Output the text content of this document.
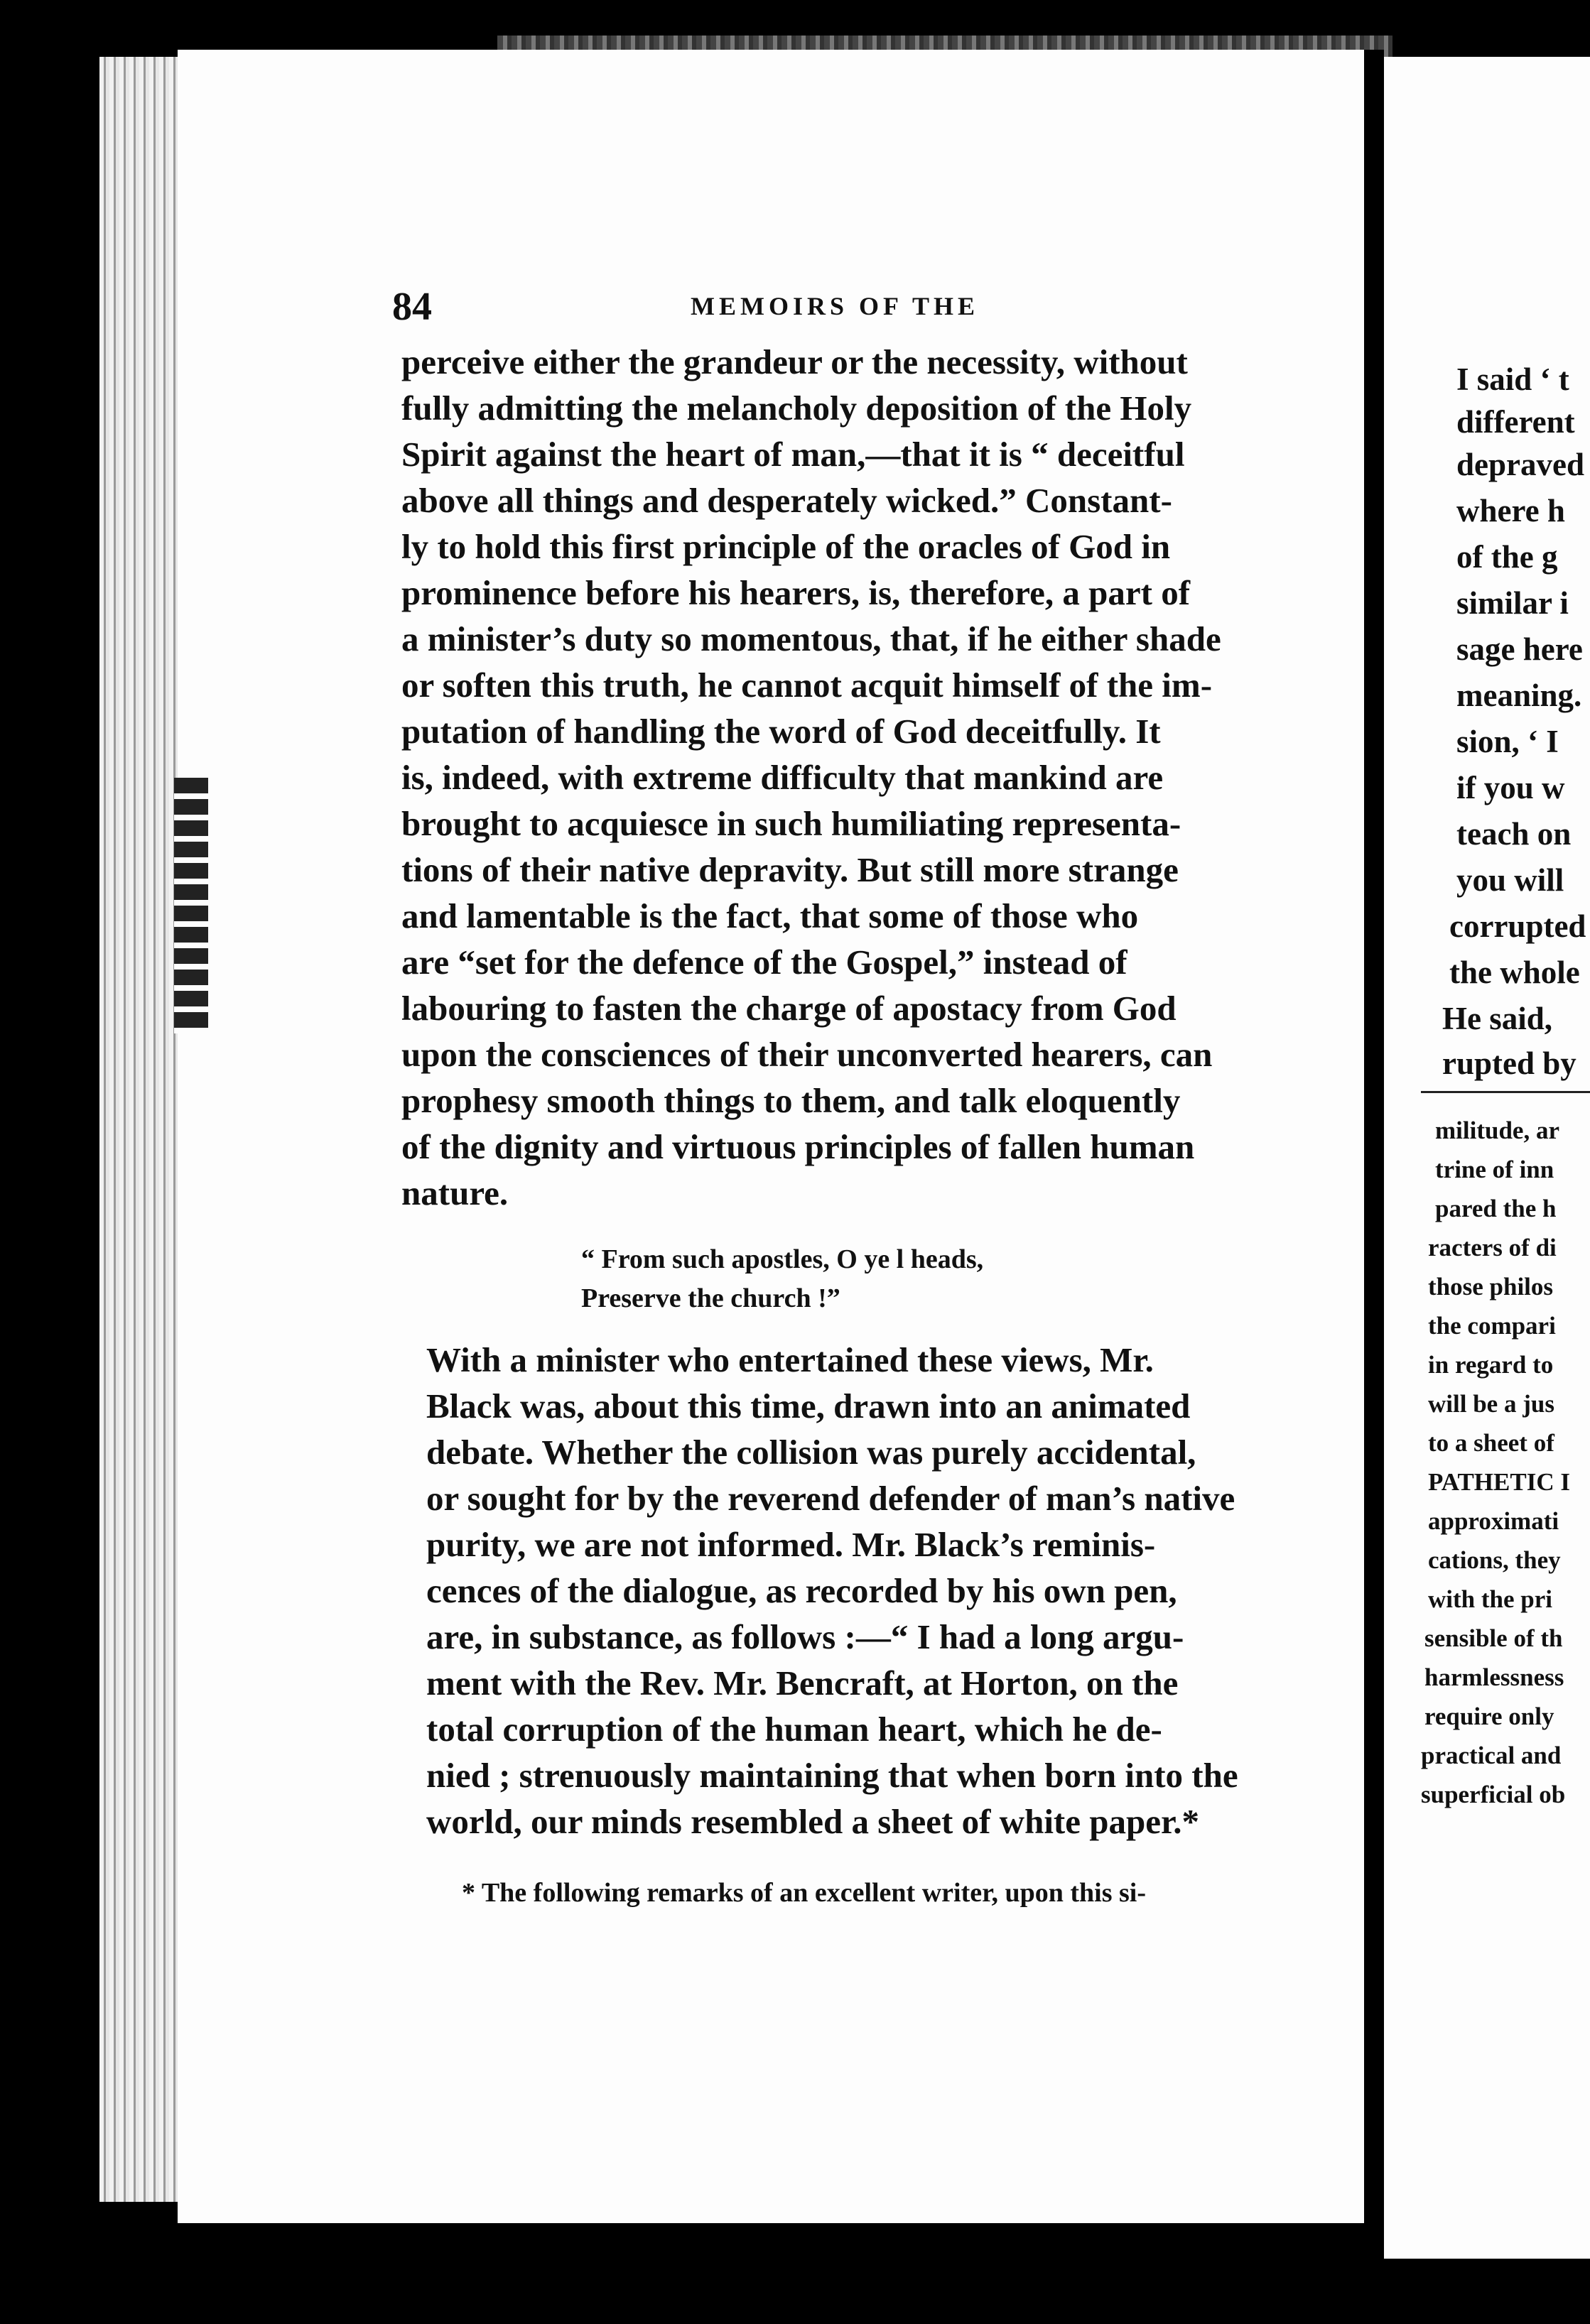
84	MEMOIRS OF THE
perceive either the grandeur or the necessity, without
fully admitting the melancholy deposition of the Holy
Spirit against the heart of man,—that it is “ deceitful
above all things and desperately wicked.” Constant-
ly to hold this first principle of the oracles of God in
prominence before his hearers, is, therefore, a part of
a minister’s duty so momentous, that, if he either shade
or soften this truth, he cannot acquit himself of the im-
putation of handling the word of God deceitfully. It
is, indeed, with extreme difficulty that mankind are
brought to acquiesce in such humiliating representa-
tions of their native depravity. But still more strange
and lamentable is the fact, that some of those who
are “set for the defence of the Gospel,” instead of
labouring to fasten the charge of apostacy from God
upon the consciences of their unconverted hearers, can
prophesy smooth things to them, and talk eloquently
of the dignity and virtuous principles of fallen human
nature.
“ From such apostles, O ye l heads,
Preserve the church !”
With a minister who entertained these views, Mr.
Black was, about this time, drawn into an animated
debate. Whether the collision was purely accidental,
or sought for by the reverend defender of man’s native
purity, we are not informed. Mr. Black’s reminis-
cences of the dialogue, as recorded by his own pen,
are, in substance, as follows :—“ I had a long argu-
ment with the Rev. Mr. Bencraft, at Horton, on the
total corruption of the human heart, which he de-
nied ; strenuously maintaining that when born into the
world, our minds resembled a sheet of white paper.*
* The following remarks of an excellent writer, upon this si-
I said ‘ t
different
depraved
where h
of the g
similar i
sage here
meaning.
sion, ‘ I
if you w
teach on
you will
corrupted
the whole
He said,
rupted by
militude, ar
trine of inn
pared the h
racters of di
those philos
the compari
in regard to
will be a jus
to a sheet of
PATHETIC I
approximati
cations, they
with the pri
sensible of th
harmlessness
require only
practical and
superficial ob
